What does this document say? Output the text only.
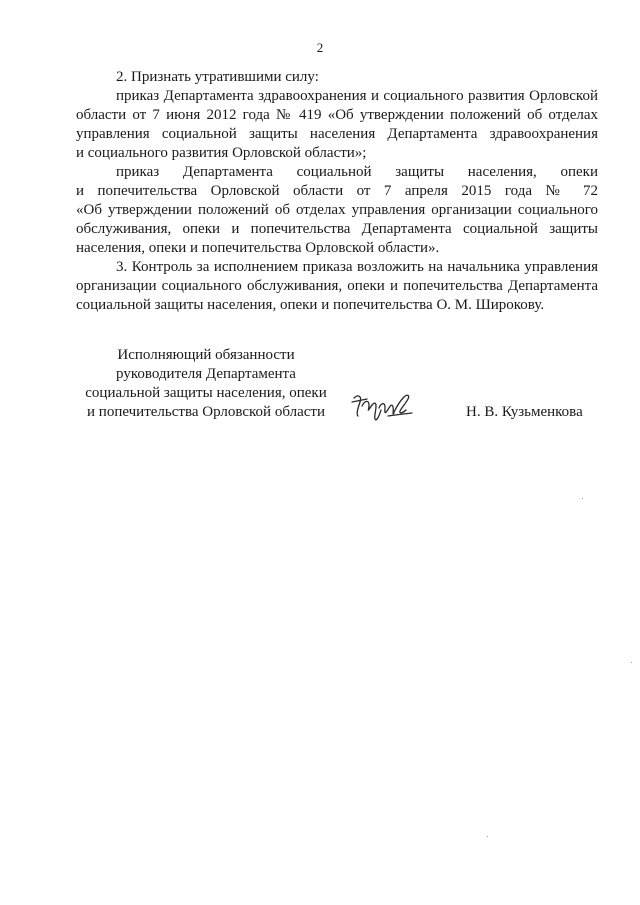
2
2. Признать утратившими силу:
приказ Департамента здравоохранения и социального развития Орловской
области от 7 июня 2012 года № 419 «Об утверждении положений об отделах
управления социальной защиты населения Департамента здравоохранения
и социального развития Орловской области»;
приказ Департамента социальной защиты населения, опеки
и попечительства Орловской области от 7 апреля 2015 года № 72
«Об утверждении положений об отделах управления организации социального
обслуживания, опеки и попечительства Департамента социальной защиты
населения, опеки и попечительства Орловской области».
3. Контроль за исполнением приказа возложить на начальника управления
организации социального обслуживания, опеки и попечительства Департамента
социальной защиты населения, опеки и попечительства О. М. Широкову.
Исполняющий обязанности
руководителя Департамента
социальной защиты населения, опеки
и попечительства Орловской области	Н. В. Кузьменкова
